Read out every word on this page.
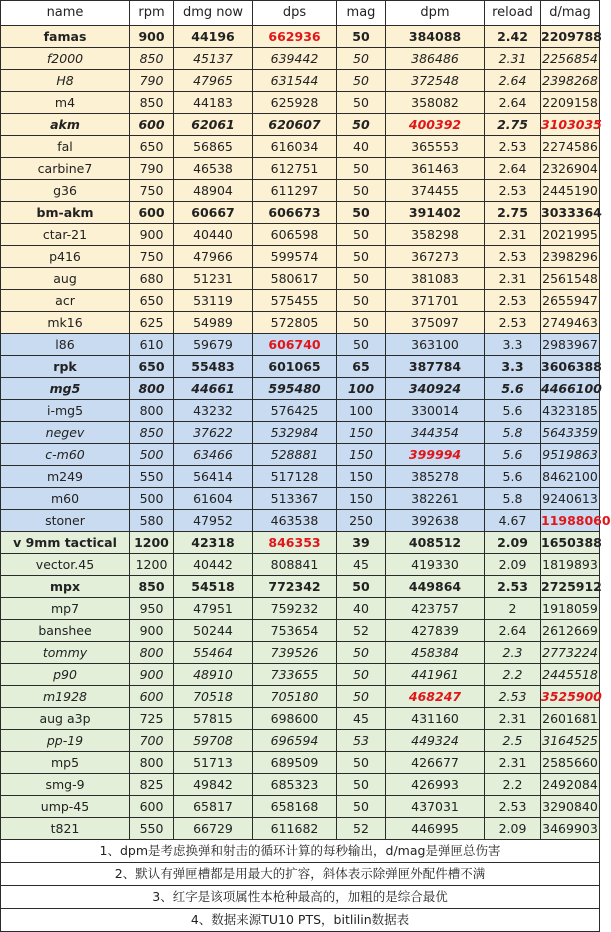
name	rpm	dmg now	dps	mag	dpm	reload	d/mag
famas	900	44196	662936	50	384088	2.42	2209788
f2000	850	45137	639442	50	386486	2.31	2256854
H8	790	47965	631544	50	372548	2.64	2398268
m4	850	44183	625928	50	358082	2.64	2209158
akm	600	62061	620607	50	400392	2.75	3103035
fal	650	56865	616034	40	365553	2.53	2274586
carbine7	790	46538	612751	50	361463	2.64	2326904
g36	750	48904	611297	50	374455	2.53	2445190
bm-akm	600	60667	606673	50	391402	2.75	3033364
ctar-21	900	40440	606598	50	358298	2.31	2021995
p416	750	47966	599574	50	367273	2.53	2398296
aug	680	51231	580617	50	381083	2.31	2561548
acr	650	53119	575455	50	371701	2.53	2655947
mk16	625	54989	572805	50	375097	2.53	2749463
l86	610	59679	606740	50	363100	3.3	2983967
rpk	650	55483	601065	65	387784	3.3	3606388
mg5	800	44661	595480	100	340924	5.6	4466100
i-mg5	800	43232	576425	100	330014	5.6	4323185
negev	850	37622	532984	150	344354	5.8	5643359
c-m60	500	63466	528881	150	399994	5.6	9519863
m249	550	56414	517128	150	385278	5.6	8462100
m60	500	61604	513367	150	382261	5.8	9240613
stoner	580	47952	463538	250	392638	4.67	11988060
v 9mm tactical	1200	42318	846353	39	408512	2.09	1650388
vector.45	1200	40442	808841	45	419330	2.09	1819893
mpx	850	54518	772342	50	449864	2.53	2725912
mp7	950	47951	759232	40	423757	2	1918059
banshee	900	50244	753654	52	427839	2.64	2612669
tommy	800	55464	739526	50	458384	2.3	2773224
p90	900	48910	733655	50	441961	2.2	2445518
m1928	600	70518	705180	50	468247	2.53	3525900
aug a3p	725	57815	698600	45	431160	2.31	2601681
pp-19	700	59708	696594	53	449324	2.5	3164525
mp5	800	51713	689509	50	426677	2.31	2585660
smg-9	825	49842	685323	50	426993	2.2	2492084
ump-45	600	65817	658168	50	437031	2.53	3290840
t821	550	66729	611682	52	446995	2.09	3469903
1、dpm是考虑换弹和射击的循环计算的每秒输出，d/mag是弹匣总伤害							
2、默认有弹匣槽都是用最大的扩容，斜体表示除弹匣外配件槽不满							
3、红字是该项属性本枪种最高的，加粗的是综合最优							
4、数据来源TU10 PTS，bitlilin数据表							
